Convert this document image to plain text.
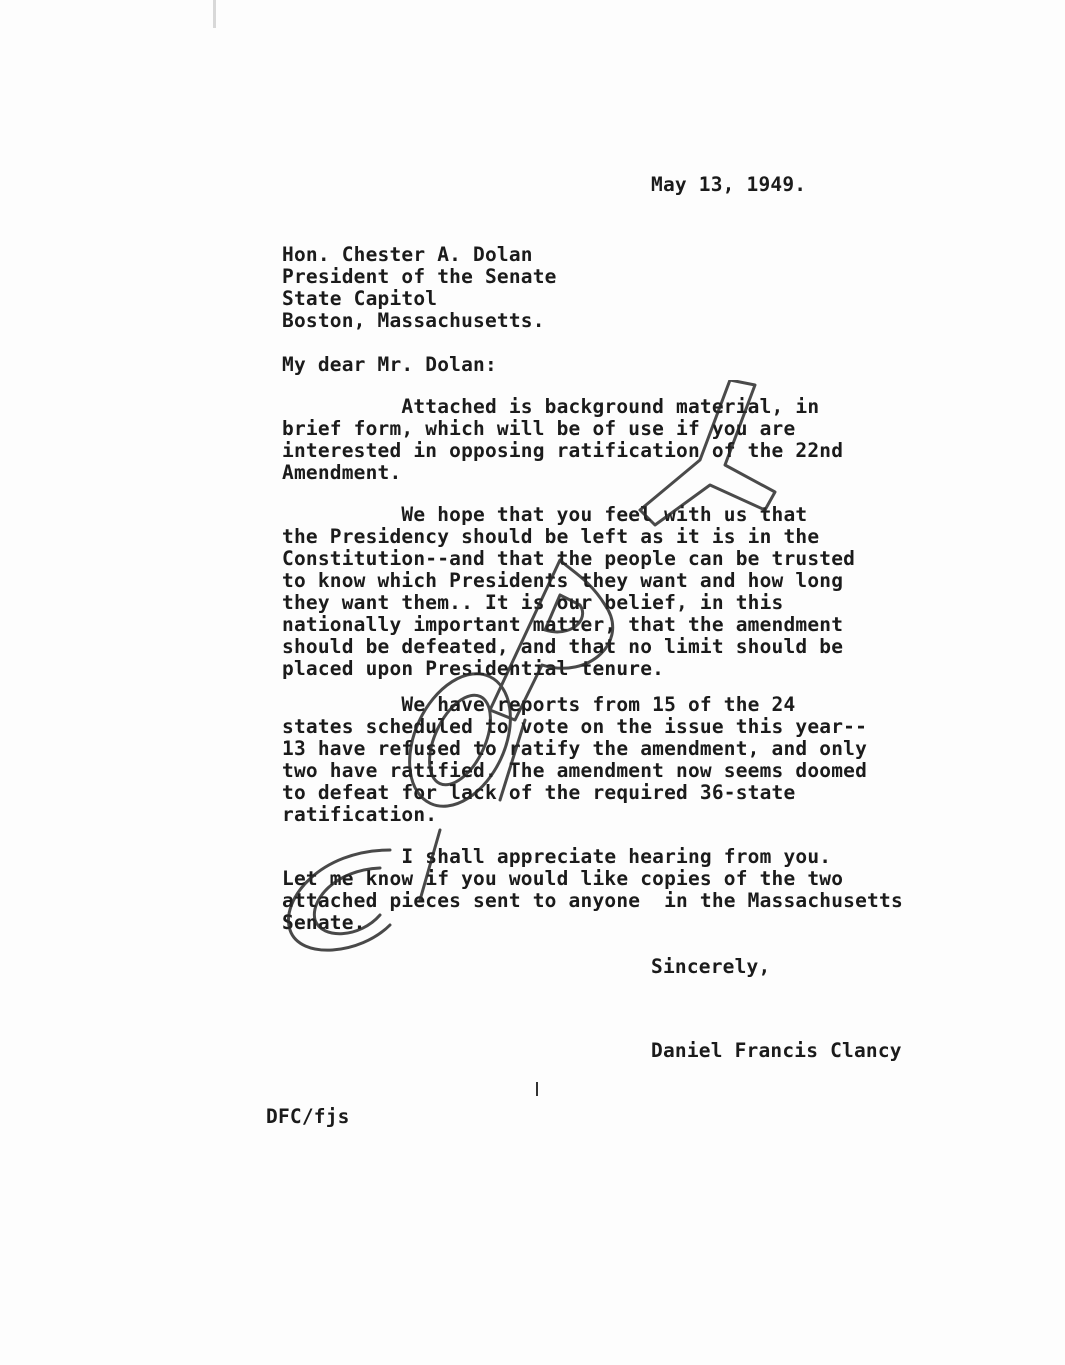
May 13, 1949.
Hon. Chester A. Dolan
President of the Senate
State Capitol
Boston, Massachusetts.
My dear Mr. Dolan:
Attached is background material, in
brief form, which will be of use if you are
interested in opposing ratification of the 22nd
Amendment.
We hope that you feel with us that
the Presidency should be left as it is in the
Constitution--and that the people can be trusted
to know which Presidents they want and how long
they want them.. It is our belief, in this
nationally important matter, that the amendment
should be defeated, and that no limit should be
placed upon Presidential tenure.
We have reports from 15 of the 24
states scheduled to vote on the issue this year--
13 have refused to ratify the amendment, and only
two have ratified. The amendment now seems doomed
to defeat for lack of the required 36-state
ratification.
I shall appreciate hearing from you.
Let me know if you would like copies of the two
attached pieces sent to anyone  in the Massachusetts
Senate.
Sincerely,
Daniel Francis Clancy
DFC/fjs
